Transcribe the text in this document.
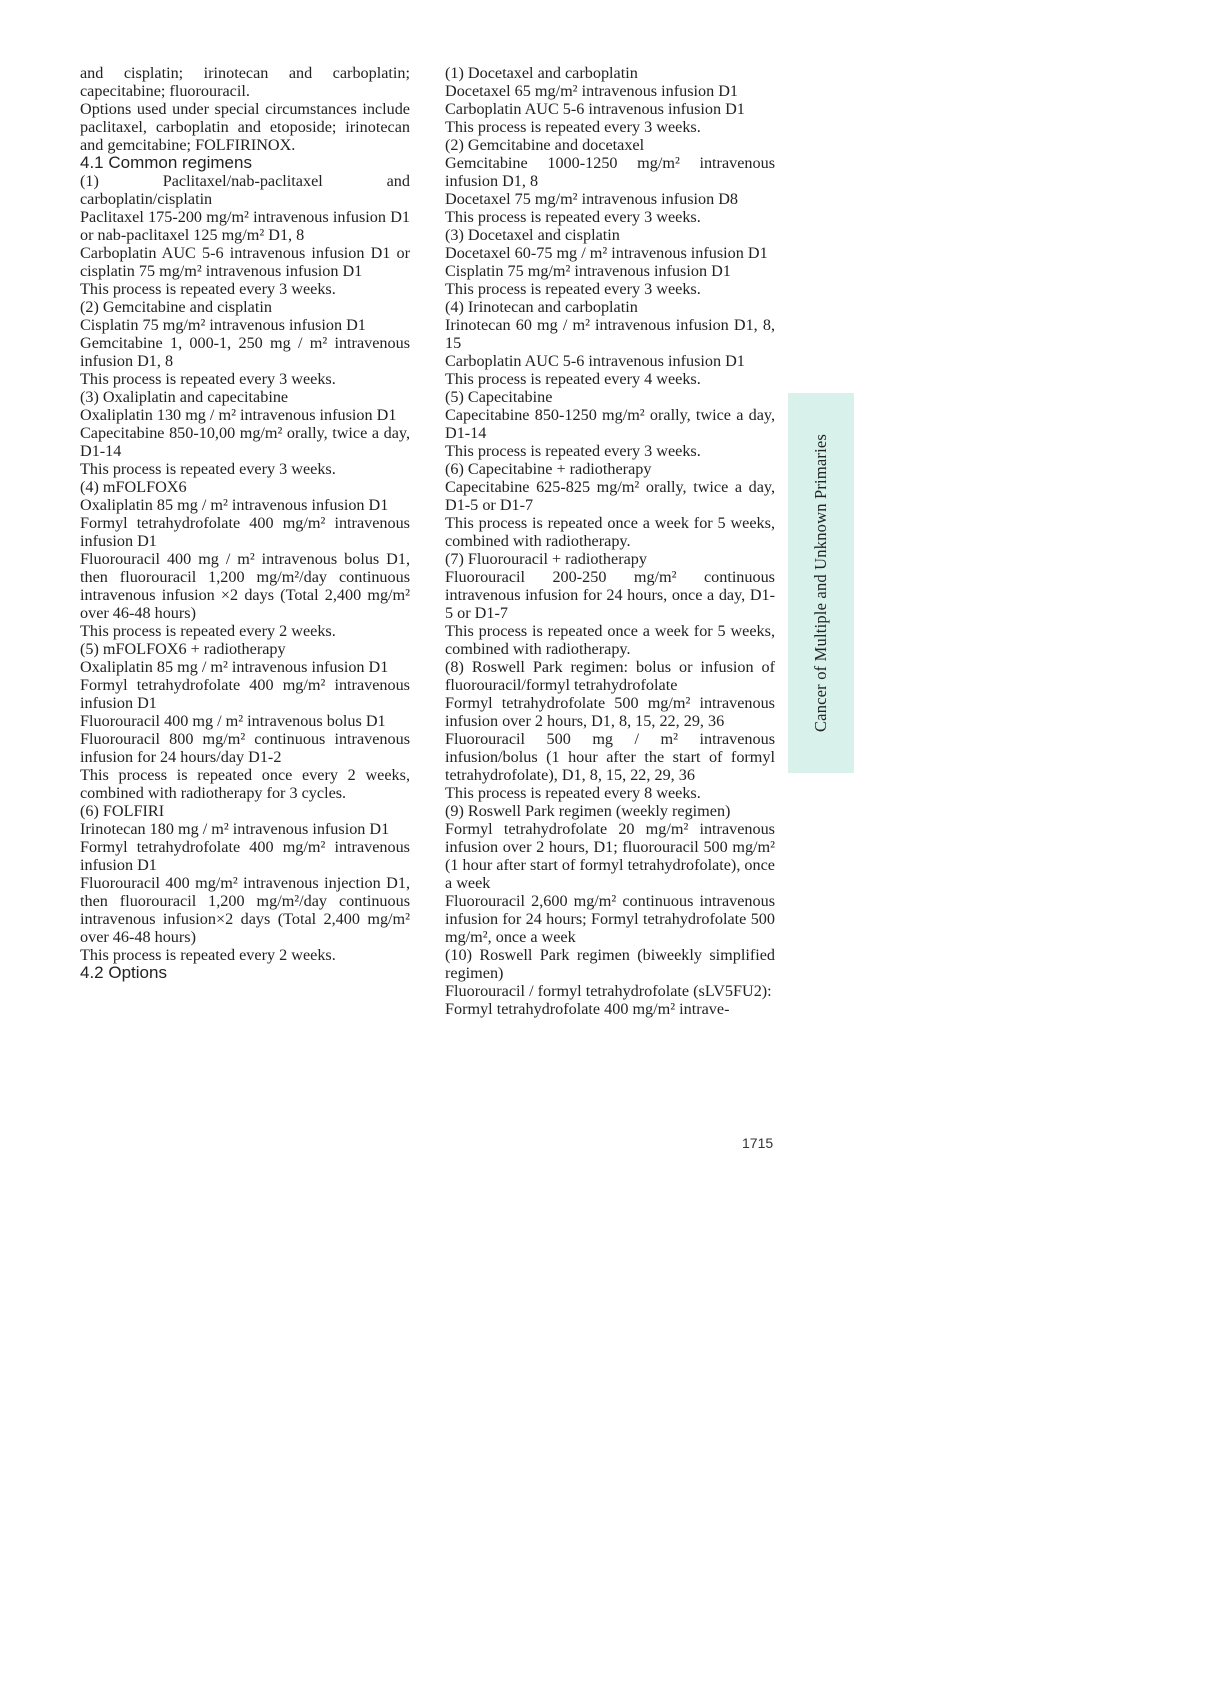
and cisplatin; irinotecan and carboplatin; capecitabine; fluorouracil.

Options used under special circumstances include paclitaxel, carboplatin and etoposide; irinotecan and gemcitabine; FOLFIRINOX.

4.1 Common regimens

(1) Paclitaxel/nab-paclitaxel and carboplatin/cisplatin

Paclitaxel 175-200 mg/m² intravenous infusion D1 or nab-paclitaxel 125 mg/m² D1, 8

Carboplatin AUC 5-6 intravenous infusion D1 or cisplatin 75 mg/m² intravenous infusion D1

This process is repeated every 3 weeks.

(2) Gemcitabine and cisplatin

Cisplatin 75 mg/m² intravenous infusion D1

Gemcitabine 1, 000-1, 250 mg / m² intravenous infusion D1, 8

This process is repeated every 3 weeks.

(3) Oxaliplatin and capecitabine

Oxaliplatin 130 mg / m² intravenous infusion D1

Capecitabine 850-10,00 mg/m² orally, twice a day, D1-14

This process is repeated every 3 weeks.

(4) mFOLFOX6

Oxaliplatin 85 mg / m² intravenous infusion D1

Formyl tetrahydrofolate 400 mg/m² intravenous infusion D1

Fluorouracil 400 mg / m² intravenous bolus D1, then fluorouracil 1,200 mg/m²/day continuous intravenous infusion ×2 days (Total 2,400 mg/m² over 46-48 hours)

This process is repeated every 2 weeks.

(5) mFOLFOX6 + radiotherapy

Oxaliplatin 85 mg / m² intravenous infusion D1

Formyl tetrahydrofolate 400 mg/m² intravenous infusion D1

Fluorouracil 400 mg / m² intravenous bolus D1

Fluorouracil 800 mg/m² continuous intravenous infusion for 24 hours/day D1-2

This process is repeated once every 2 weeks, combined with radiotherapy for 3 cycles.

(6) FOLFIRI

Irinotecan 180 mg / m² intravenous infusion D1

Formyl tetrahydrofolate 400 mg/m² intravenous infusion D1

Fluorouracil 400 mg/m² intravenous injection D1, then fluorouracil 1,200 mg/m²/day continuous intravenous infusion×2 days (Total 2,400 mg/m² over 46-48 hours)

This process is repeated every 2 weeks.

4.2 Options

(1) Docetaxel and carboplatin

Docetaxel 65 mg/m² intravenous infusion D1

Carboplatin AUC 5-6 intravenous infusion D1

This process is repeated every 3 weeks.

(2) Gemcitabine and docetaxel

Gemcitabine 1000-1250 mg/m² intravenous infusion D1, 8

Docetaxel 75 mg/m² intravenous infusion D8

This process is repeated every 3 weeks.

(3) Docetaxel and cisplatin

Docetaxel 60-75 mg / m² intravenous infusion D1

Cisplatin 75 mg/m² intravenous infusion D1

This process is repeated every 3 weeks.

(4) Irinotecan and carboplatin

Irinotecan 60 mg / m² intravenous infusion D1, 8, 15

Carboplatin AUC 5-6 intravenous infusion D1

This process is repeated every 4 weeks.

(5) Capecitabine

Capecitabine 850-1250 mg/m² orally, twice a day, D1-14

This process is repeated every 3 weeks.

(6) Capecitabine + radiotherapy

Capecitabine 625-825 mg/m² orally, twice a day, D1-5 or D1-7

This process is repeated once a week for 5 weeks, combined with radiotherapy.

(7) Fluorouracil + radiotherapy

Fluorouracil 200-250 mg/m² continuous intravenous infusion for 24 hours, once a day, D1-5 or D1-7

This process is repeated once a week for 5 weeks, combined with radiotherapy.

(8) Roswell Park regimen: bolus or infusion of fluorouracil/formyl tetrahydrofolate

Formyl tetrahydrofolate 500 mg/m² intravenous infusion over 2 hours, D1, 8, 15, 22, 29, 36

Fluorouracil 500 mg / m² intravenous infusion/bolus (1 hour after the start of formyl tetrahydrofolate), D1, 8, 15, 22, 29, 36

This process is repeated every 8 weeks.

(9) Roswell Park regimen (weekly regimen)

Formyl tetrahydrofolate 20 mg/m² intravenous infusion over 2 hours, D1; fluorouracil 500 mg/m² (1 hour after start of formyl tetrahydrofolate), once a week

Fluorouracil 2,600 mg/m² continuous intravenous infusion for 24 hours; Formyl tetrahydrofolate 500 mg/m², once a week

(10) Roswell Park regimen (biweekly simplified regimen)

Fluorouracil / formyl tetrahydrofolate (sLV5FU2):

Formyl tetrahydrofolate 400 mg/m² intrave-

Cancer of Multiple and Unknown Primaries
1715
